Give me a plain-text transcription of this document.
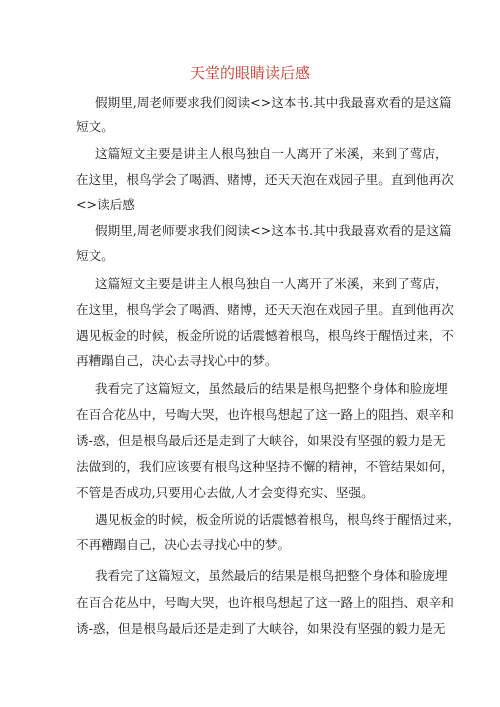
天堂的眼睛读后感

假期里,周老师要求我们阅读<>这本书.其中我最喜欢看的是这篇

短文。

这篇短文主要是讲主人根鸟独自一人离开了米溪，来到了莺店，

在这里，根鸟学会了喝酒、赌博，还天天泡在戏园子里。直到他再次

<>读后感

假期里,周老师要求我们阅读<>这本书.其中我最喜欢看的是这篇

短文。

这篇短文主要是讲主人根鸟独自一人离开了米溪，来到了莺店，

在这里，根鸟学会了喝酒、赌博，还天天泡在戏园子里。直到他再次

遇见板金的时候，板金所说的话震憾着根鸟，根鸟终于醒悟过来，不

再糟蹋自己，决心去寻找心中的梦。

我看完了这篇短文，虽然最后的结果是根鸟把整个身体和脸庞埋

在百合花丛中，号啕大哭，也许根鸟想起了这一路上的阻挡、艰辛和

诱-惑，但是根鸟最后还是走到了大峡谷，如果没有坚强的毅力是无

法做到的，我们应该要有根鸟这种坚持不懈的精神，不管结果如何，

不管是否成功,只要用心去做,人才会变得充实、坚强。

遇见板金的时候，板金所说的话震憾着根鸟，根鸟终于醒悟过来，

不再糟蹋自己，决心去寻找心中的梦。

我看完了这篇短文，虽然最后的结果是根鸟把整个身体和脸庞埋

在百合花丛中，号啕大哭，也许根鸟想起了这一路上的阻挡、艰辛和

诱-惑，但是根鸟最后还是走到了大峡谷，如果没有坚强的毅力是无
